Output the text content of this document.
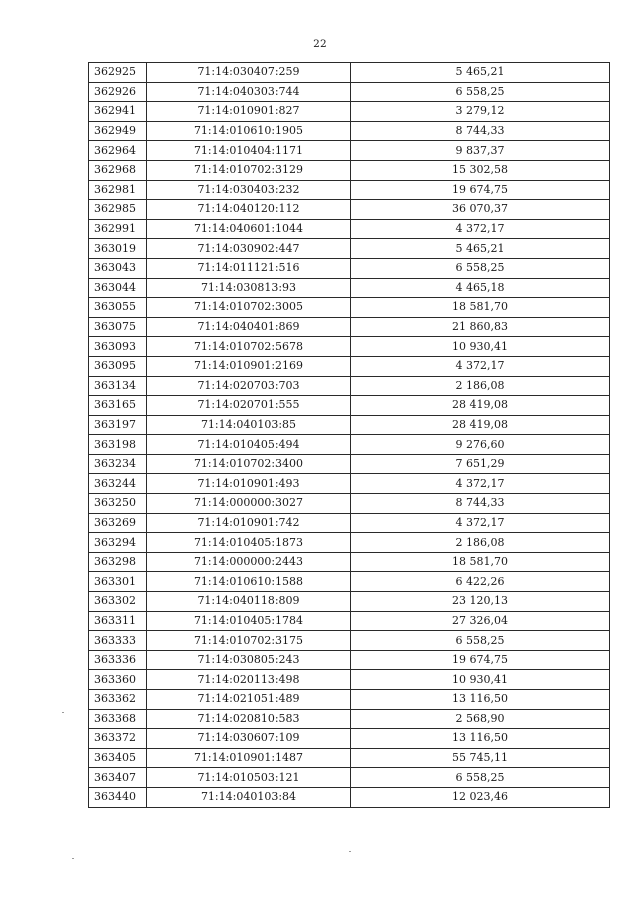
22
362925	71:14:030407:259	5 465,21
362926	71:14:040303:744	6 558,25
362941	71:14:010901:827	3 279,12
362949	71:14:010610:1905	8 744,33
362964	71:14:010404:1171	9 837,37
362968	71:14:010702:3129	15 302,58
362981	71:14:030403:232	19 674,75
362985	71:14:040120:112	36 070,37
362991	71:14:040601:1044	4 372,17
363019	71:14:030902:447	5 465,21
363043	71:14:011121:516	6 558,25
363044	71:14:030813:93	4 465,18
363055	71:14:010702:3005	18 581,70
363075	71:14:040401:869	21 860,83
363093	71:14:010702:5678	10 930,41
363095	71:14:010901:2169	4 372,17
363134	71:14:020703:703	2 186,08
363165	71:14:020701:555	28 419,08
363197	71:14:040103:85	28 419,08
363198	71:14:010405:494	9 276,60
363234	71:14:010702:3400	7 651,29
363244	71:14:010901:493	4 372,17
363250	71:14:000000:3027	8 744,33
363269	71:14:010901:742	4 372,17
363294	71:14:010405:1873	2 186,08
363298	71:14:000000:2443	18 581,70
363301	71:14:010610:1588	6 422,26
363302	71:14:040118:809	23 120,13
363311	71:14:010405:1784	27 326,04
363333	71:14:010702:3175	6 558,25
363336	71:14:030805:243	19 674,75
363360	71:14:020113:498	10 930,41
363362	71:14:021051:489	13 116,50
363368	71:14:020810:583	2 568,90
363372	71:14:030607:109	13 116,50
363405	71:14:010901:1487	55 745,11
363407	71:14:010503:121	6 558,25
363440	71:14:040103:84	12 023,46
